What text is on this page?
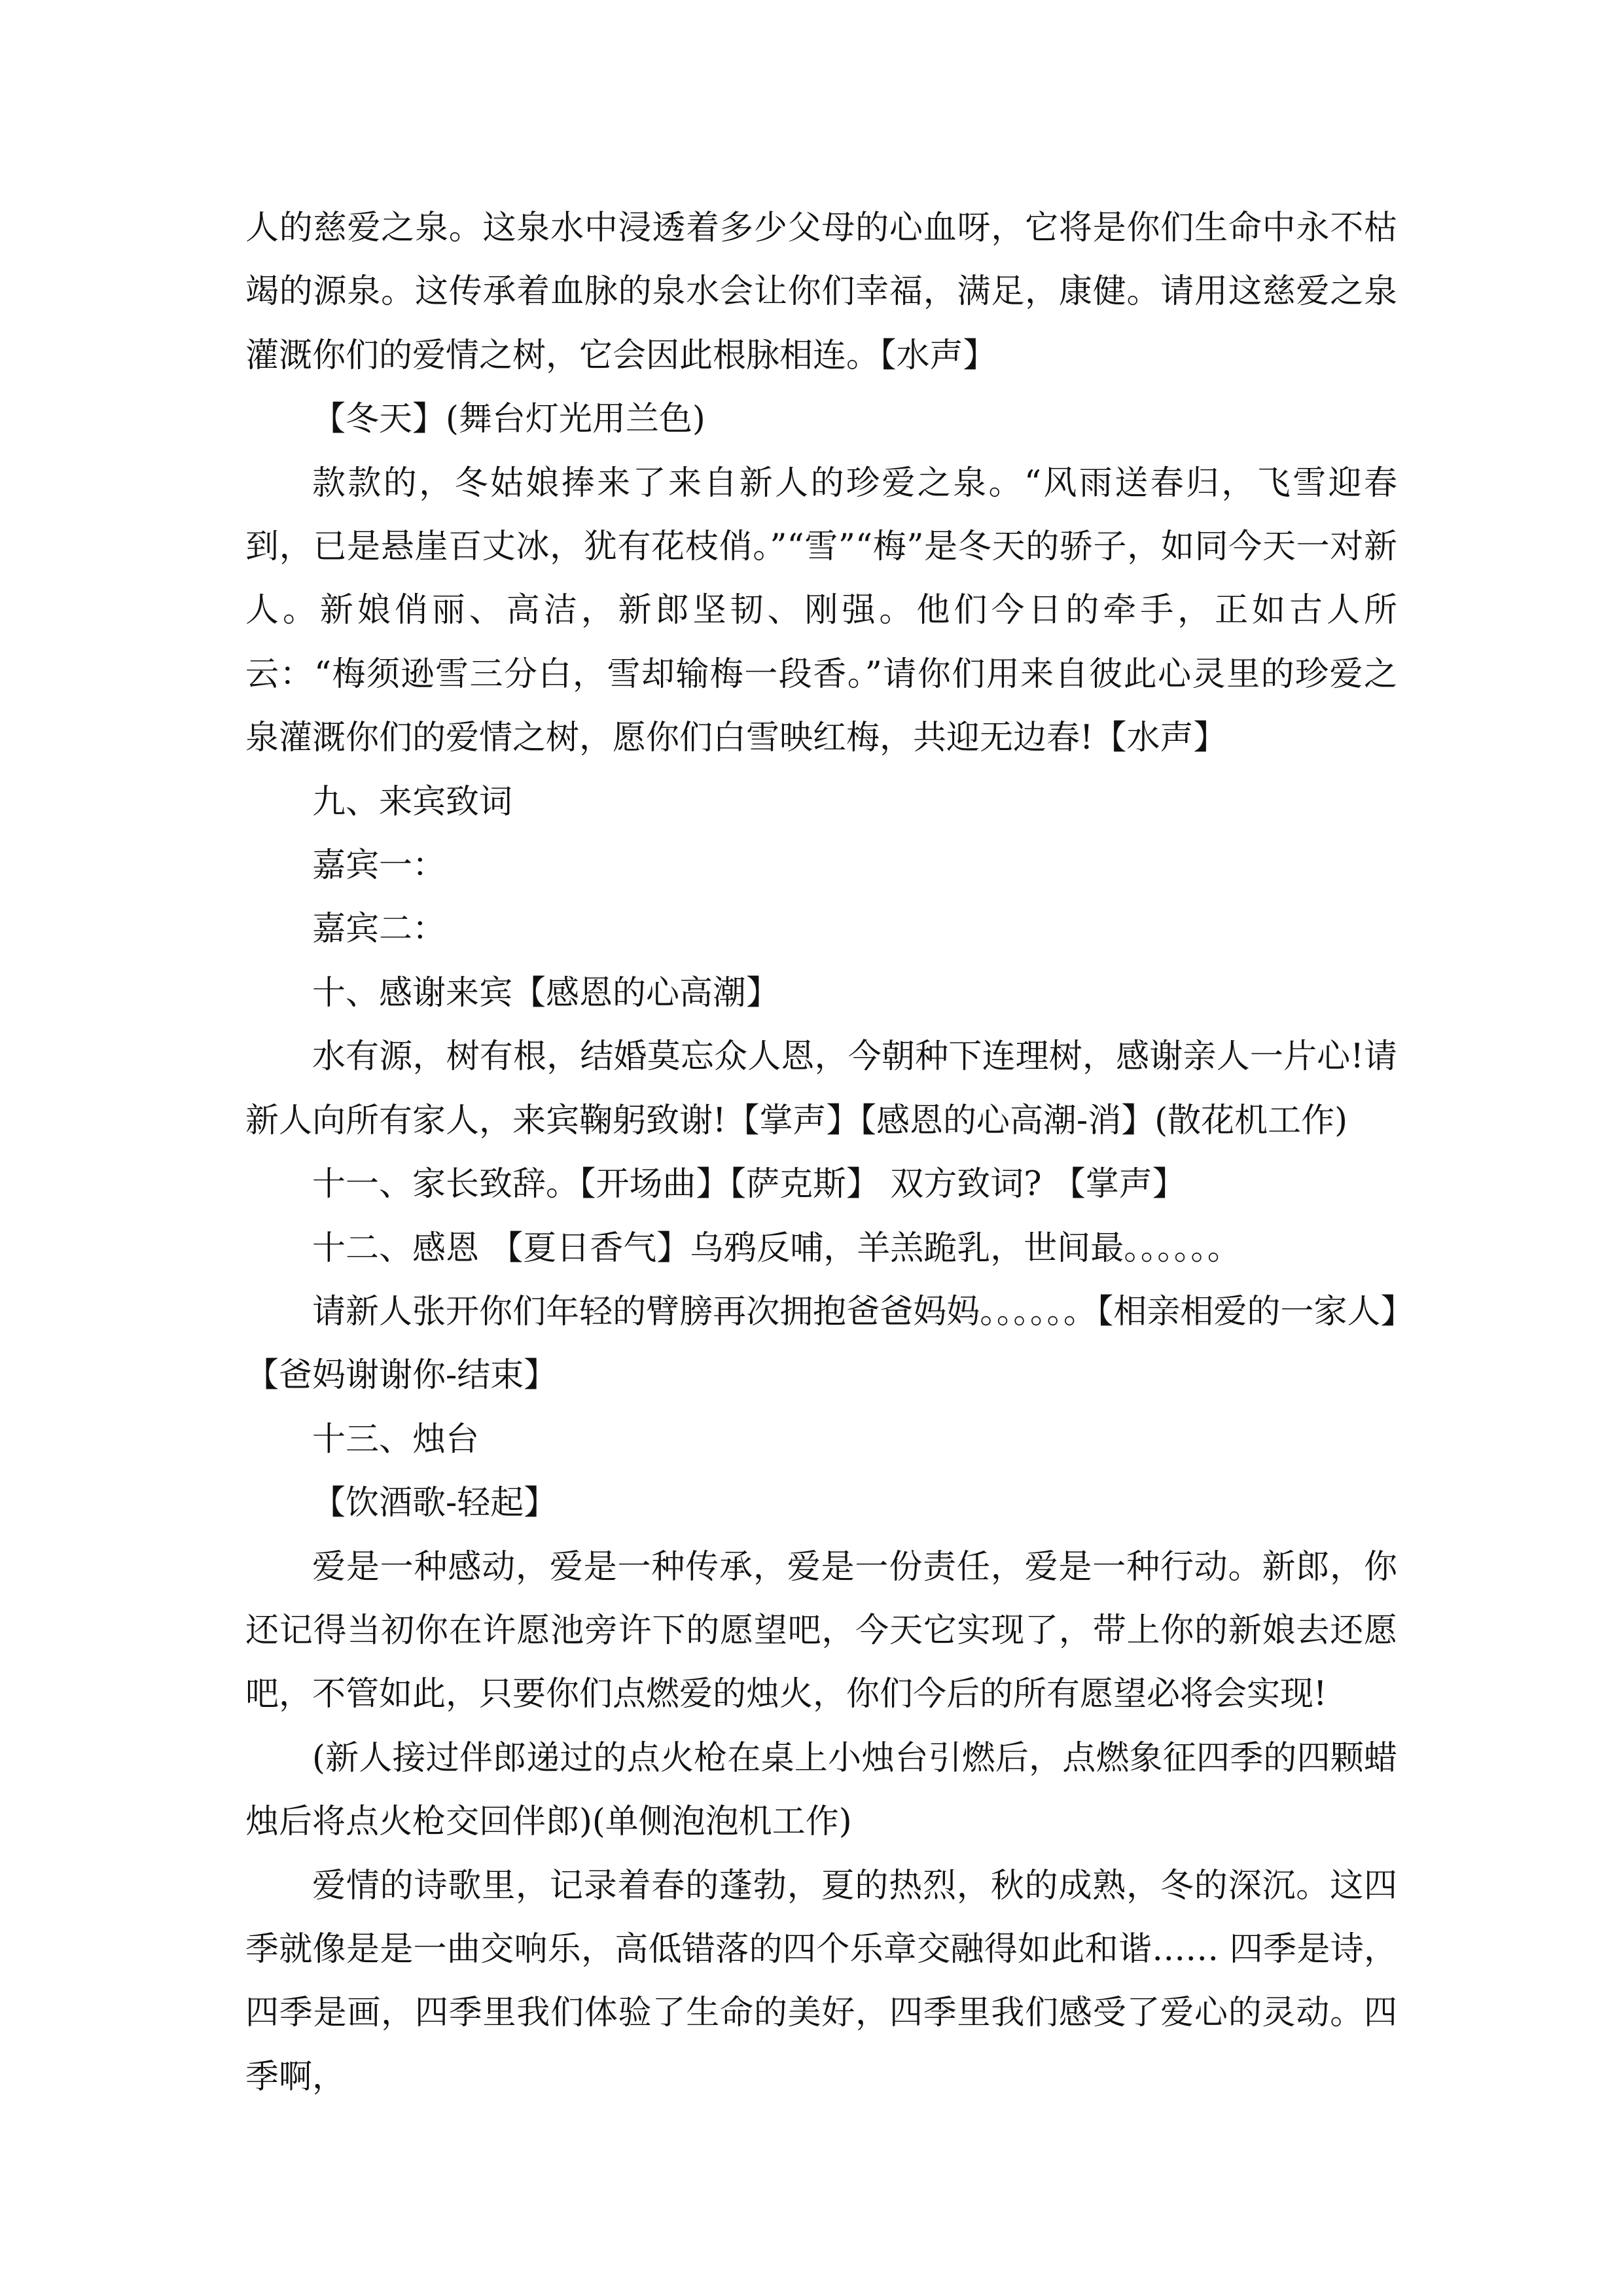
人的慈爱之泉。这泉水中浸透着多少父母的心血呀，它将是你们生命中永不枯竭的源泉。这传承着血脉的泉水会让你们幸福，满足，康健。请用这慈爱之泉灌溉你们的爱情之树，它会因此根脉相连。【水声】

【冬天】(舞台灯光用兰色)

款款的，冬姑娘捧来了来自新人的珍爱之泉。“风雨送春归，飞雪迎春到，已是悬崖百丈冰，犹有花枝俏。”“雪”“梅”是冬天的骄子，如同今天一对新人。新娘俏丽、高洁，新郎坚韧、刚强。他们今日的牵手，正如古人所云：“梅须逊雪三分白，雪却输梅一段香。”请你们用来自彼此心灵里的珍爱之泉灌溉你们的爱情之树，愿你们白雪映红梅，共迎无边春!【水声】

九、来宾致词

嘉宾一：

嘉宾二：

十、感谢来宾【感恩的心高潮】

水有源，树有根，结婚莫忘众人恩，今朝种下连理树，感谢亲人一片心!请新人向所有家人，来宾鞠躬致谢!【掌声】【感恩的心高潮-消】(散花机工作)

十一、家长致辞。【开场曲】【萨克斯】 双方致词? 【掌声】

十二、感恩 【夏日香气】乌鸦反哺，羊羔跪乳，世间最。。。。。。

请新人张开你们年轻的臂膀再次拥抱爸爸妈妈。。。。。。【相亲相爱的一家人】【爸妈谢谢你-结束】

十三、烛台

【饮酒歌-轻起】

爱是一种感动，爱是一种传承，爱是一份责任，爱是一种行动。新郎，你还记得当初你在许愿池旁许下的愿望吧，今天它实现了，带上你的新娘去还愿吧，不管如此，只要你们点燃爱的烛火，你们今后的所有愿望必将会实现!

(新人接过伴郎递过的点火枪在桌上小烛台引燃后，点燃象征四季的四颗蜡烛后将点火枪交回伴郎)(单侧泡泡机工作)

爱情的诗歌里，记录着春的蓬勃，夏的热烈，秋的成熟，冬的深沉。这四季就像是是一曲交响乐，高低错落的四个乐章交融得如此和谐…… 四季是诗，四季是画，四季里我们体验了生命的美好，四季里我们感受了爱心的灵动。四季啊，
